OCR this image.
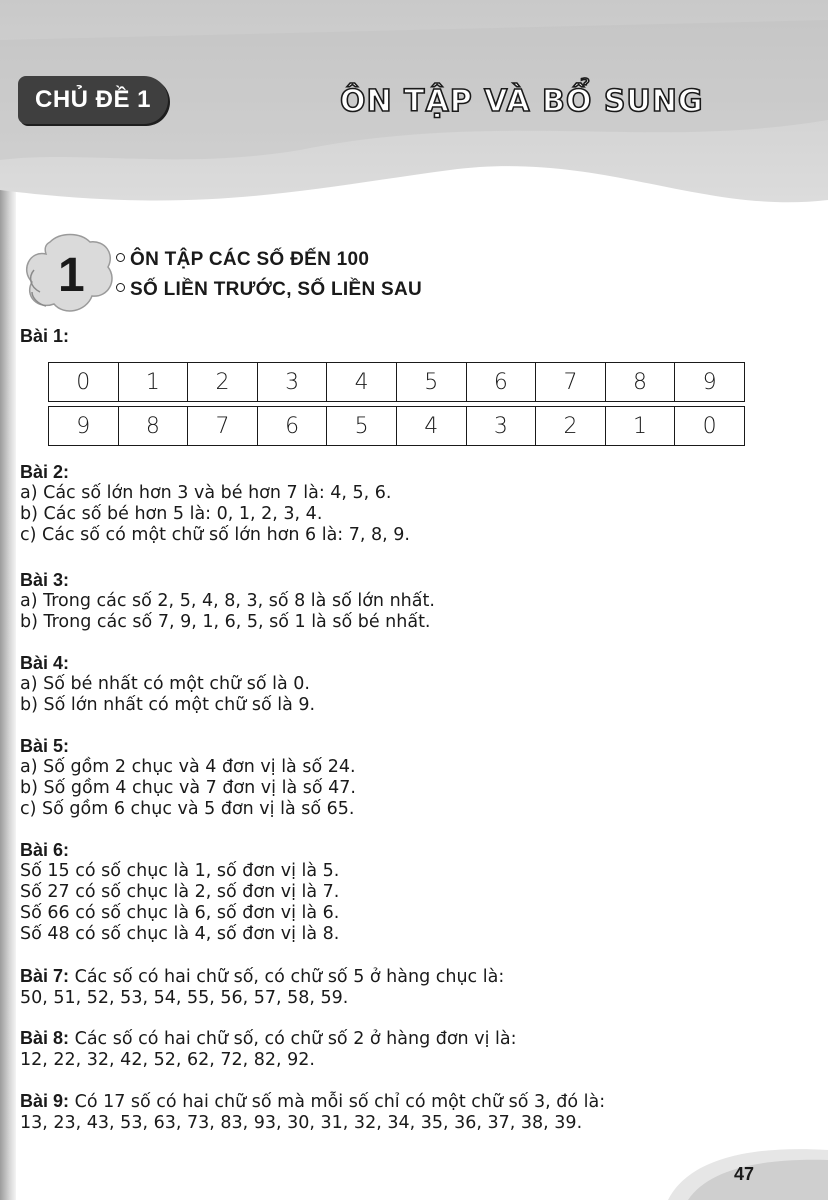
CHỦ ĐỀ 1	ÔN TẬP VÀ BỔ SUNG
1	ÔN TẬP CÁC SỐ ĐẾN 100
SỐ LIỀN TRƯỚC, SỐ LIỀN SAU
Bài 1:
0	1	2	3	4	5	6	7	8	9
9	8	7	6	5	4	3	2	1	0
Bài 2:
a) Các số lớn hơn 3 và bé hơn 7 là: 4, 5, 6.
b) Các số bé hơn 5 là: 0, 1, 2, 3, 4.
c) Các số có một chữ số lớn hơn 6 là: 7, 8, 9.
Bài 3:
a) Trong các số 2, 5, 4, 8, 3, số 8 là số lớn nhất.
b) Trong các số 7, 9, 1, 6, 5, số 1 là số bé nhất.
Bài 4:
a) Số bé nhất có một chữ số là 0.
b) Số lớn nhất có một chữ số là 9.
Bài 5:
a) Số gồm 2 chục và 4 đơn vị là số 24.
b) Số gồm 4 chục và 7 đơn vị là số 47.
c) Số gồm 6 chục và 5 đơn vị là số 65.
Bài 6:
Số 15 có số chục là 1, số đơn vị là 5.
Số 27 có số chục là 2, số đơn vị là 7.
Số 66 có số chục là 6, số đơn vị là 6.
Số 48 có số chục là 4, số đơn vị là 8.
Bài 7: Các số có hai chữ số, có chữ số 5 ở hàng chục là:
50, 51, 52, 53, 54, 55, 56, 57, 58, 59.
Bài 8: Các số có hai chữ số, có chữ số 2 ở hàng đơn vị là:
12, 22, 32, 42, 52, 62, 72, 82, 92.
Bài 9: Có 17 số có hai chữ số mà mỗi số chỉ có một chữ số 3, đó là:
13, 23, 43, 53, 63, 73, 83, 93, 30, 31, 32, 34, 35, 36, 37, 38, 39.
47
